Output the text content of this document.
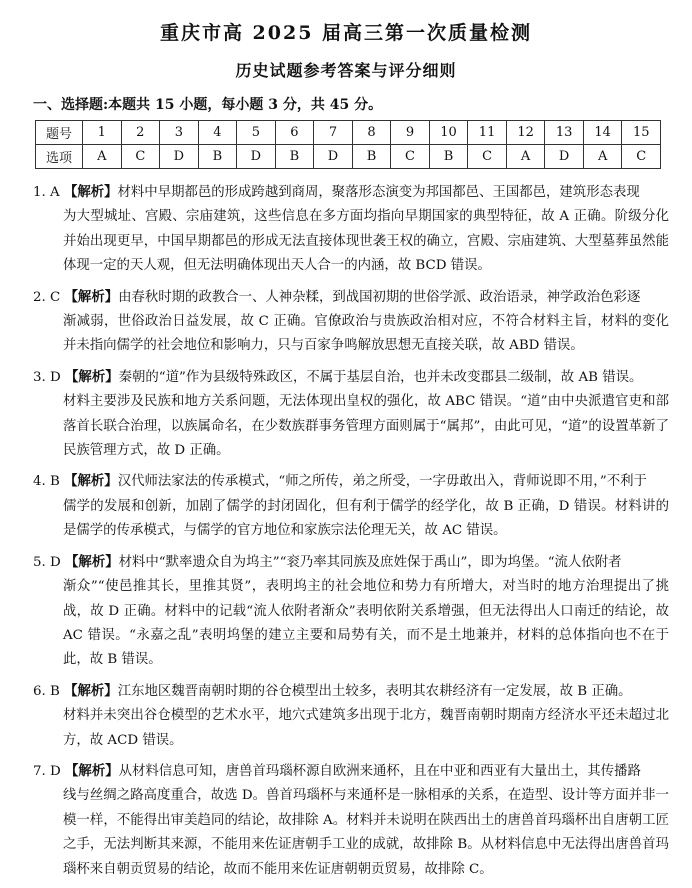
重庆市高 2025 届高三第一次质量检测
历史试题参考答案与评分细则
一、选择题:本题共 15 小题，每小题 3 分，共 45 分。
题号	1	2	3	4	5	6	7	8	9	10	11	12	13	14	15
选项	A	C	D	B	D	B	D	B	C	B	C	A	D	A	C
1. A 【解析】材料中早期都邑的形成跨越到商周，聚落形态演变为邦国都邑、王国都邑，建筑形态表现
为大型城址、宫殿、宗庙建筑，这些信息在多方面均指向早期国家的典型特征，故 A 正确。阶级分化并始出现更早，中国早期都邑的形成无法直接体现世袭王权的确立，宫殿、宗庙建筑、大型墓葬虽然能体现一定的天人观，但无法明确体现出天人合一的内涵，故 BCD 错误。
2. C 【解析】由春秋时期的政教合一、人神杂糅，到战国初期的世俗学派、政治语录，神学政治色彩逐
渐减弱，世俗政治日益发展，故 C 正确。官僚政治与贵族政治相对应，不符合材料主旨，材料的变化并未指向儒学的社会地位和影响力，只与百家争鸣解放思想无直接关联，故 ABD 错误。
3. D 【解析】秦朝的“道”作为县级特殊政区，不属于基层自治，也并未改变郡县二级制，故 AB 错误。
材料主要涉及民族和地方关系问题，无法体现出皇权的强化，故 ABC 错误。“道”由中央派遣官吏和部落首长联合治理，以族属命名，在少数族群事务管理方面则属于“属邦”，由此可见，“道”的设置革新了民族管理方式，故 D 正确。
4. B 【解析】汉代师法家法的传承模式，“师之所传，弟之所受，一字毋敢出入，背师说即不用，”不利于
儒学的发展和创新，加剧了儒学的封闭固化，但有利于儒学的经学化，故 B 正确，D 错误。材料讲的是儒学的传承模式，与儒学的官方地位和家族宗法伦理无关，故 AC 错误。
5. D 【解析】材料中“默率遗众自为坞主”“衮乃率其同族及庶姓保于禹山”，即为坞堡。“流人依附者
渐众”“使邑推其长，里推其贤”，表明坞主的社会地位和势力有所增大，对当时的地方治理提出了挑战，故 D 正确。材料中的记载“流人依附者渐众”表明依附关系增强，但无法得出人口南迁的结论，故 AC 错误。“永嘉之乱”表明坞堡的建立主要和局势有关，而不是土地兼并，材料的总体指向也不在于此，故 B 错误。
6. B 【解析】江东地区魏晋南朝时期的谷仓模型出土较多，表明其农耕经济有一定发展，故 B 正确。
材料并未突出谷仓模型的艺术水平，地穴式建筑多出现于北方，魏晋南朝时期南方经济水平还未超过北方，故 ACD 错误。
7. D 【解析】从材料信息可知，唐兽首玛瑙杯源自欧洲来通杯，且在中亚和西亚有大量出土，其传播路
线与丝绸之路高度重合，故选 D。兽首玛瑙杯与来通杯是一脉相承的关系，在造型、设计等方面并非一模一样，不能得出审美趋同的结论，故排除 A。材料并未说明在陕西出土的唐兽首玛瑙杯出自唐朝工匠之手，无法判断其来源，不能用来佐证唐朝手工业的成就，故排除 B。从材料信息中无法得出唐兽首玛瑙杯来自朝贡贸易的结论，故而不能用来佐证唐朝朝贡贸易，故排除 C。
